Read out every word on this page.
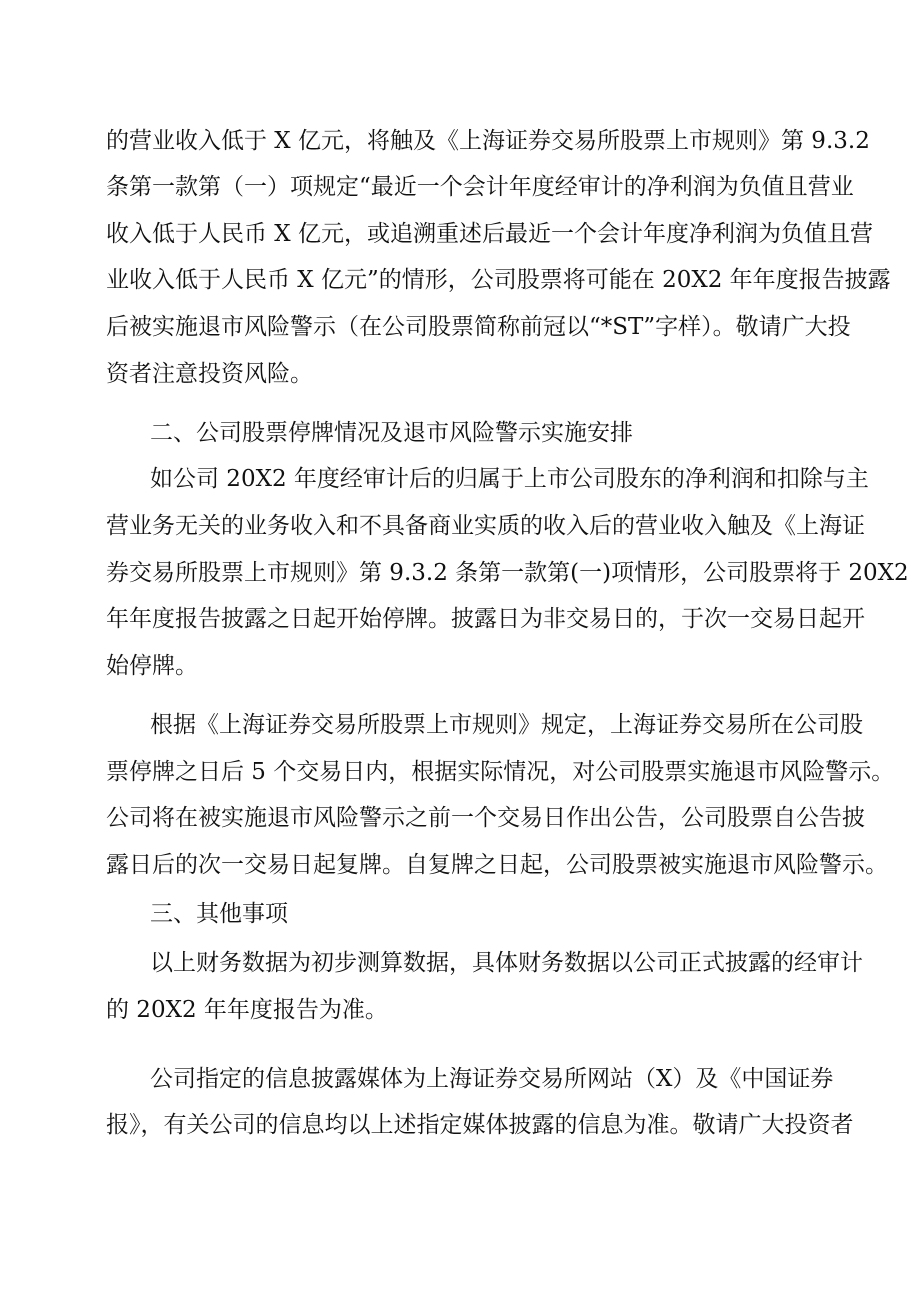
的营业收入低于 X 亿元，将触及《上海证券交易所股票上市规则》第 9.3.2
条第一款第（一）项规定“最近一个会计年度经审计的净利润为负值且营业
收入低于人民币 X 亿元，或追溯重述后最近一个会计年度净利润为负值且营
业收入低于人民币 X 亿元”的情形，公司股票将可能在 20X2 年年度报告披露
后被实施退市风险警示（在公司股票简称前冠以“*ST”字样）。敬请广大投
资者注意投资风险。
二、公司股票停牌情况及退市风险警示实施安排
如公司 20X2 年度经审计后的归属于上市公司股东的净利润和扣除与主
营业务无关的业务收入和不具备商业实质的收入后的营业收入触及《上海证
券交易所股票上市规则》第 9.3.2 条第一款第(一)项情形，公司股票将于 20X2
年年度报告披露之日起开始停牌。披露日为非交易日的，于次一交易日起开
始停牌。
根据《上海证券交易所股票上市规则》规定，上海证券交易所在公司股
票停牌之日后 5 个交易日内，根据实际情况，对公司股票实施退市风险警示。
公司将在被实施退市风险警示之前一个交易日作出公告，公司股票自公告披
露日后的次一交易日起复牌。自复牌之日起，公司股票被实施退市风险警示。
三、其他事项
以上财务数据为初步测算数据，具体财务数据以公司正式披露的经审计
的 20X2 年年度报告为准。
公司指定的信息披露媒体为上海证券交易所网站（X）及《中国证券
报》，有关公司的信息均以上述指定媒体披露的信息为准。敬请广大投资者
